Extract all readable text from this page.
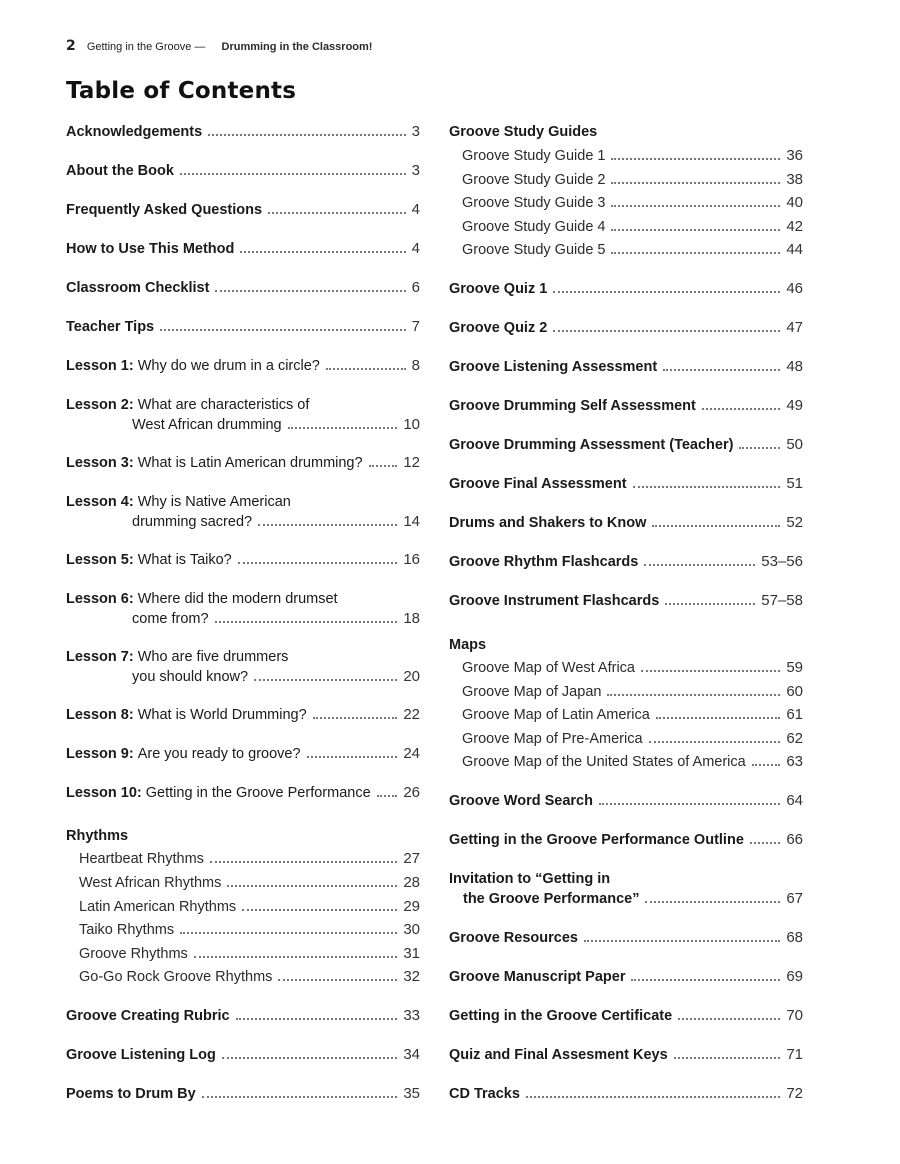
2 Getting in the Groove — Drumming in the Classroom!
Table of Contents
Acknowledgements	3
About the Book	3
Frequently Asked Questions	4
How to Use This Method	4
Classroom Checklist	6
Teacher Tips	7
Lesson 1:
Why do we drum in a circle?	8
Lesson 2: What are characteristics of
West African drumming	10
Lesson 3:
What is Latin American drumming?	12
Lesson 4: Why is Native American
drumming sacred?	14
Lesson 5:
What is Taiko?	16
Lesson 6: Where did the modern drumset
come from?	18
Lesson 7: Who are five drummers
you should know?	20
Lesson 8:
What is World Drumming?	22
Lesson 9:
Are you ready to groove?	24
Lesson 10:
Getting in the Groove Performance 26
Rhythms
Heartbeat Rhythms	27
West African Rhythms	28
Latin American Rhythms	29
Taiko Rhythms	30
Groove Rhythms	31
Go-Go Rock Groove Rhythms	32
Groove Creating Rubric	33
Groove Listening Log	34
Poems to Drum By	35
Groove Study Guides
Groove Study Guide 1	36
Groove Study Guide 2	38
Groove Study Guide 3	40
Groove Study Guide 4	42
Groove Study Guide 5	44
Groove Quiz 1	46
Groove Quiz 2	47
Groove Listening Assessment	48
Groove Drumming Self Assessment	49
Groove Drumming Assessment (Teacher)	50
Groove Final Assessment	51
Drums and Shakers to Know	52
Groove Rhythm Flashcards	53–56
Groove Instrument Flashcards	57–58
Maps
Groove Map of West Africa	59
Groove Map of Japan	60
Groove Map of Latin America	61
Groove Map of Pre-America	62
Groove Map of the United States of America	63
Groove Word Search	64
Getting in the Groove Performance Outline	66
Invitation to “Getting in
the Groove Performance”	67
Groove Resources	68
Groove Manuscript Paper	69
Getting in the Groove Certificate	70
Quiz and Final Assesment Keys	71
CD Tracks	72
